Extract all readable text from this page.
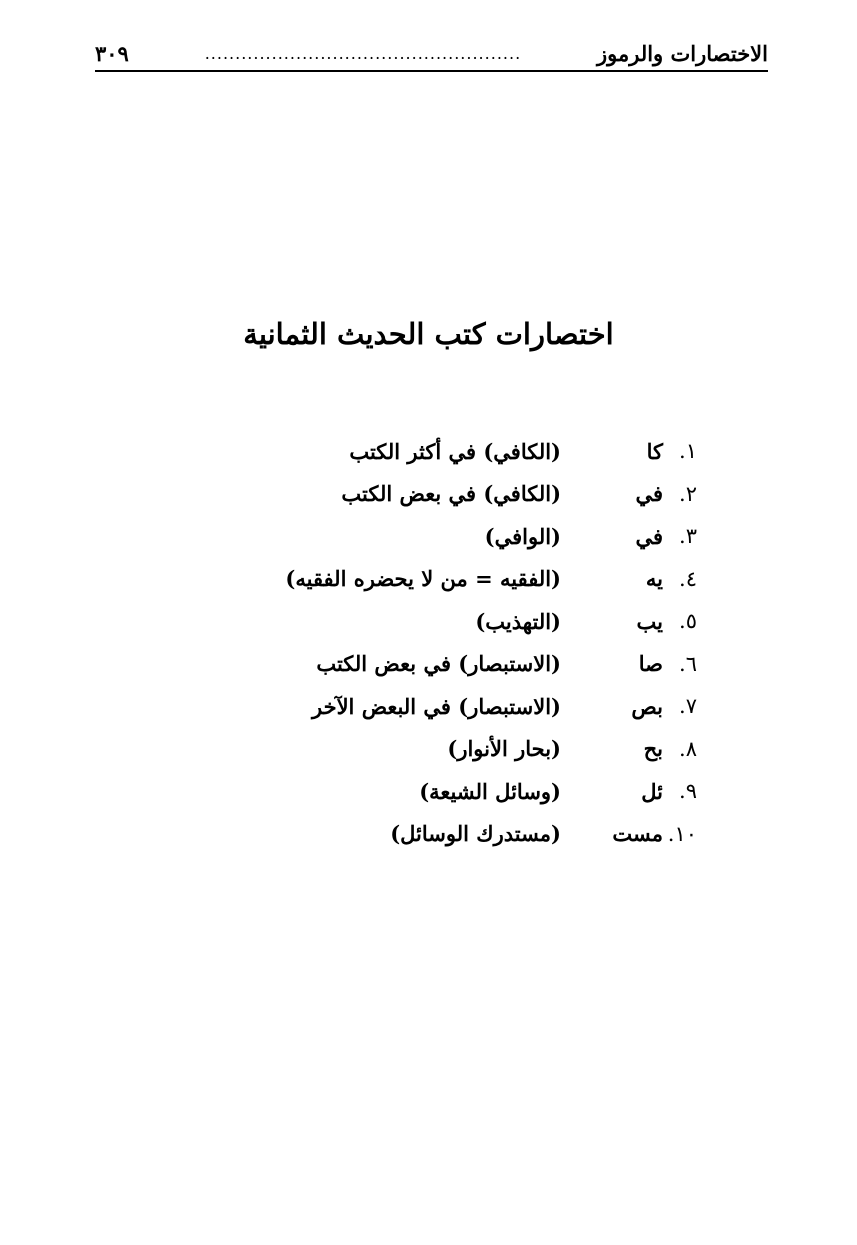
الاختصارات والرموز
....................................................
٣٠٩
اختصارات كتب الحديث الثمانية
١.
كا
(الكافي) في أكثر الكتب
٢.
في
(الكافي) في بعض الكتب
٣.
في
(الوافي)
٤.
يه
(الفقيه = من لا يحضره الفقيه)
٥.
يب
(التهذيب)
٦.
صا
(الاستبصار) في بعض الكتب
٧.
بص
(الاستبصار) في البعض الآخر
٨.
بح
(بحار الأنوار)
٩.
ئل
(وسائل الشيعة)
١٠.
مست
(مستدرك الوسائل)
